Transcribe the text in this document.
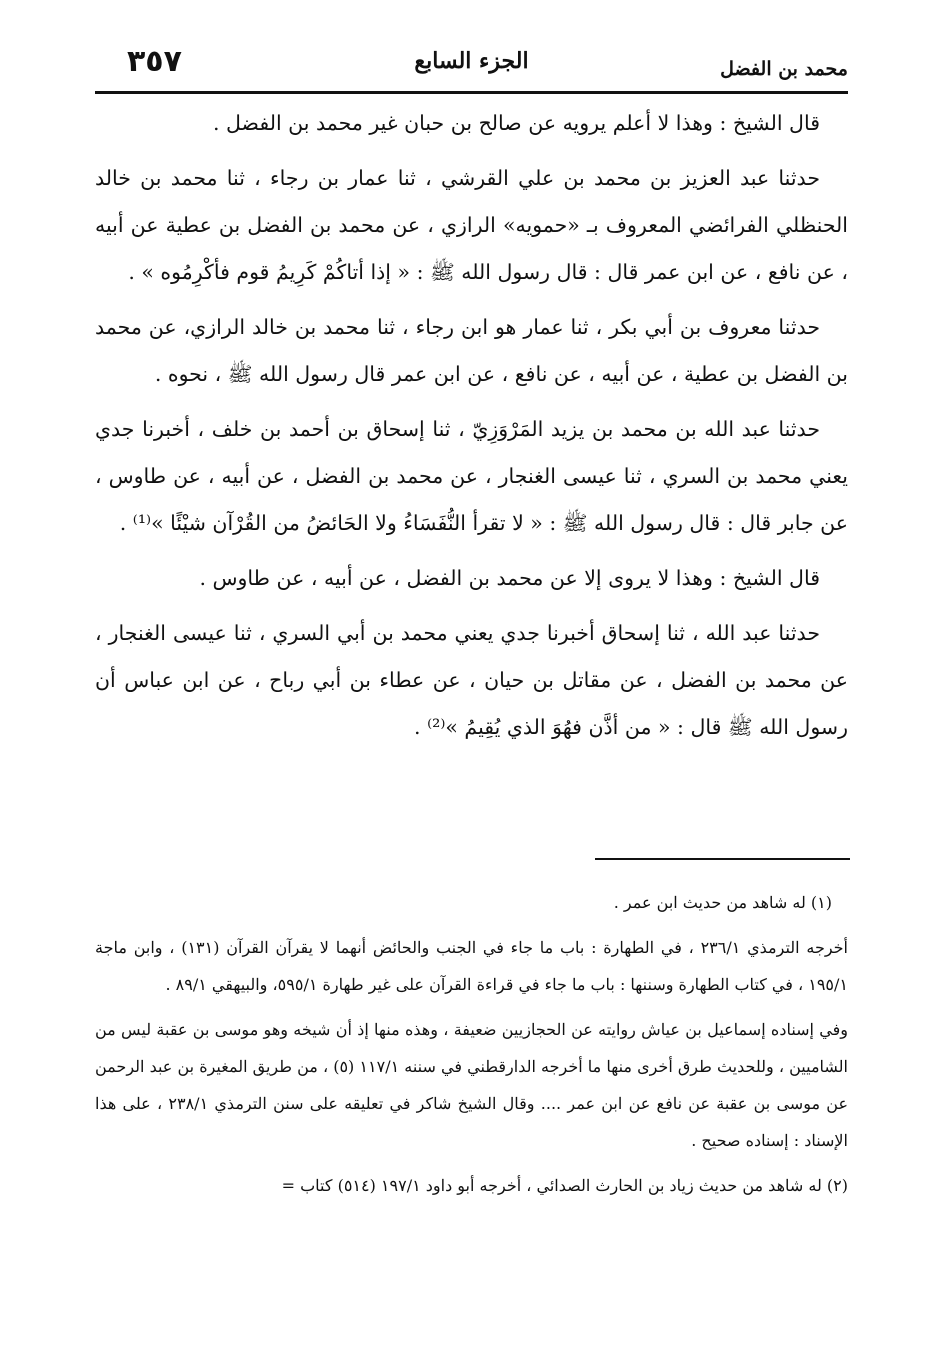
٣٥٧	الجزء السابع	محمد بن الفضل

قال الشيخ : وهذا لا أعلم يرويه عن صالح بن حبان غير محمد بن الفضل .

حدثنا عبد العزيز بن محمد بن علي القرشي ، ثنا عمار بن رجاء ، ثنا محمد بن خالد الحنظلي الفرائضي المعروف بـ «حمويه» الرازي ، عن محمد بن الفضل بن عطية عن أبيه ، عن نافع ، عن ابن عمر قال : قال رسول الله ﷺ : « إذا أتاكُمْ كَرِيمُ قوم فأكْرِمُوه » .

حدثنا معروف بن أبي بكر ، ثنا عمار هو ابن رجاء ، ثنا محمد بن خالد الرازي، عن محمد بن الفضل بن عطية ، عن أبيه ، عن نافع ، عن ابن عمر قال رسول الله ﷺ ، نحوه .

حدثنا عبد الله بن محمد بن يزيد المَرْوَزِيّ ، ثنا إسحاق بن أحمد بن خلف ، أخبرنا جدي يعني محمد بن السري ، ثنا عيسى الغنجار ، عن محمد بن الفضل ، عن أبيه ، عن طاوس ، عن جابر قال : قال رسول الله ﷺ : « لا تقرأ النُّفَسَاءُ ولا الحَائضُ من القُرْآن شيْئًا »⁽¹⁾ .

قال الشيخ : وهذا لا يروى إلا عن محمد بن الفضل ، عن أبيه ، عن طاوس .

حدثنا عبد الله ، ثنا إسحاق أخبرنا جدي يعني محمد بن أبي السري ، ثنا عيسى الغنجار ، عن محمد بن الفضل ، عن مقاتل بن حيان ، عن عطاء بن أبي رباح ، عن ابن عباس أن رسول الله ﷺ قال : « من أذَّن فهُوَ الذي يُقِيمُ »⁽²⁾ .

(١) له شاهد من حديث ابن عمر .

أخرجه الترمذي ٢٣٦/١ ، في الطهارة : باب ما جاء في الجنب والحائض أنهما لا يقرآن القرآن (١٣١) ، وابن ماجة ١٩٥/١ ، في كتاب الطهارة وسننها : باب ما جاء في قراءة القرآن على غير طهارة ٥٩٥/١، والبيهقي ٨٩/١ .

وفي إسناده إسماعيل بن عياش روايته عن الحجازيين ضعيفة ، وهذه منها إذ أن شيخه وهو موسى بن عقبة ليس من الشاميين ، وللحديث طرق أخرى منها ما أخرجه الدارقطني في سننه ١١٧/١ (٥) ، من طريق المغيرة بن عبد الرحمن عن موسى بن عقبة عن نافع عن ابن عمر .... وقال الشيخ شاكر في تعليقه على سنن الترمذي ٢٣٨/١ ، على هذا الإسناد : إسناده صحيح .

(٢) له شاهد من حديث زياد بن الحارث الصدائي ، أخرجه أبو داود ١٩٧/١ (٥١٤) كتاب =
